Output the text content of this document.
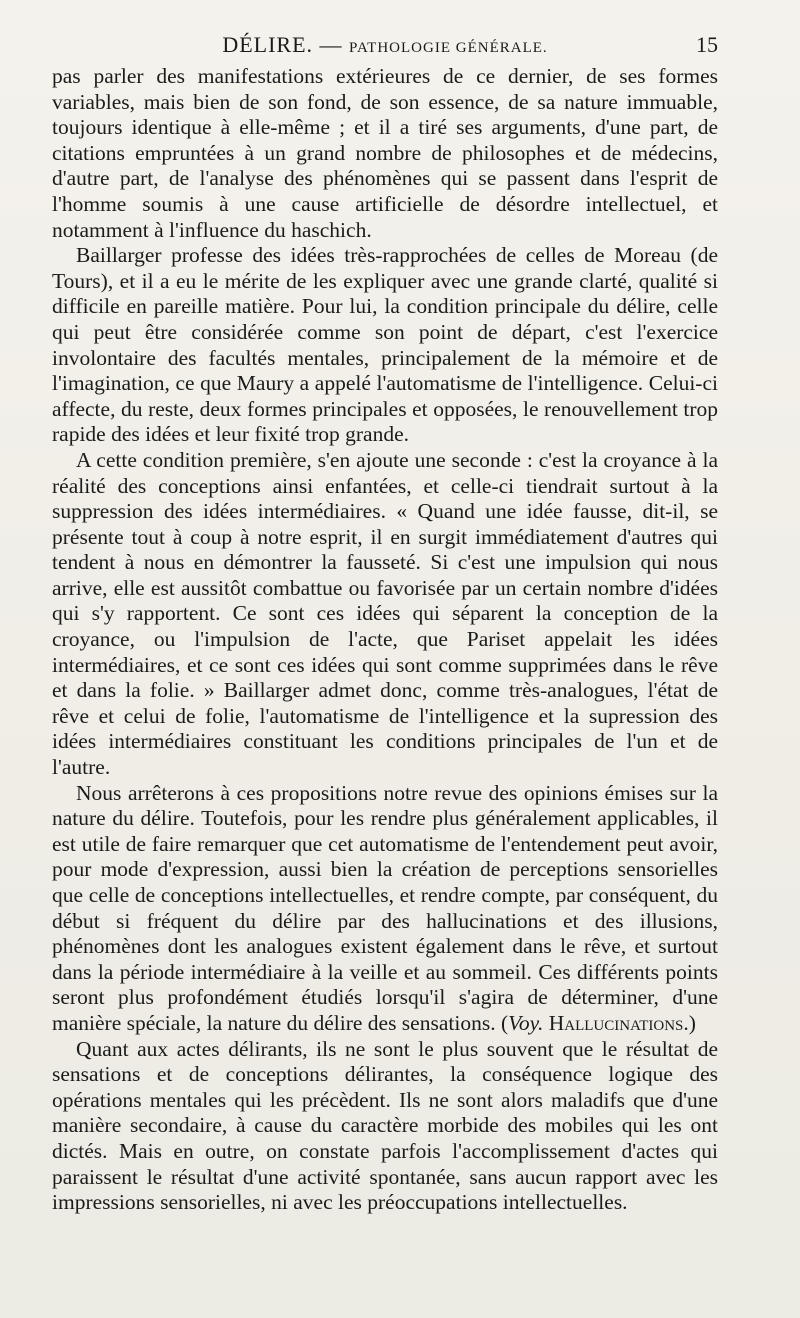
DÉLIRE. — PATHOLOGIE GÉNÉRALE.	15

pas parler des manifestations extérieures de ce dernier, de ses formes variables, mais bien de son fond, de son essence, de sa nature immuable, toujours identique à elle-même ; et il a tiré ses arguments, d'une part, de citations empruntées à un grand nombre de philosophes et de médecins, d'autre part, de l'analyse des phénomènes qui se passent dans l'esprit de l'homme soumis à une cause artificielle de désordre intellectuel, et notamment à l'influence du haschich.

Baillarger professe des idées très-rapprochées de celles de Moreau (de Tours), et il a eu le mérite de les expliquer avec une grande clarté, qualité si difficile en pareille matière. Pour lui, la condition principale du délire, celle qui peut être considérée comme son point de départ, c'est l'exercice involontaire des facultés mentales, principalement de la mémoire et de l'imagination, ce que Maury a appelé l'automatisme de l'intelligence. Celui-ci affecte, du reste, deux formes principales et opposées, le renouvellement trop rapide des idées et leur fixité trop grande.

A cette condition première, s'en ajoute une seconde : c'est la croyance à la réalité des conceptions ainsi enfantées, et celle-ci tiendrait surtout à la suppression des idées intermédiaires. « Quand une idée fausse, dit-il, se présente tout à coup à notre esprit, il en surgit immédiatement d'autres qui tendent à nous en démontrer la fausseté. Si c'est une impulsion qui nous arrive, elle est aussitôt combattue ou favorisée par un certain nombre d'idées qui s'y rapportent. Ce sont ces idées qui séparent la conception de la croyance, ou l'impulsion de l'acte, que Pariset appelait les idées intermédiaires, et ce sont ces idées qui sont comme supprimées dans le rêve et dans la folie. » Baillarger admet donc, comme très-analogues, l'état de rêve et celui de folie, l'automatisme de l'intelligence et la supression des idées intermédiaires constituant les conditions principales de l'un et de l'autre.

Nous arrêterons à ces propositions notre revue des opinions émises sur la nature du délire. Toutefois, pour les rendre plus généralement applicables, il est utile de faire remarquer que cet automatisme de l'entendement peut avoir, pour mode d'expression, aussi bien la création de perceptions sensorielles que celle de conceptions intellectuelles, et rendre compte, par conséquent, du début si fréquent du délire par des hallucinations et des illusions, phénomènes dont les analogues existent également dans le rêve, et surtout dans la période intermédiaire à la veille et au sommeil. Ces différents points seront plus profondément étudiés lorsqu'il s'agira de déterminer, d'une manière spéciale, la nature du délire des sensations. (Voy. Hallucinations.)

Quant aux actes délirants, ils ne sont le plus souvent que le résultat de sensations et de conceptions délirantes, la conséquence logique des opérations mentales qui les précèdent. Ils ne sont alors maladifs que d'une manière secondaire, à cause du caractère morbide des mobiles qui les ont dictés. Mais en outre, on constate parfois l'accomplissement d'actes qui paraissent le résultat d'une activité spontanée, sans aucun rapport avec les impressions sensorielles, ni avec les préoccupations intellectuelles.
